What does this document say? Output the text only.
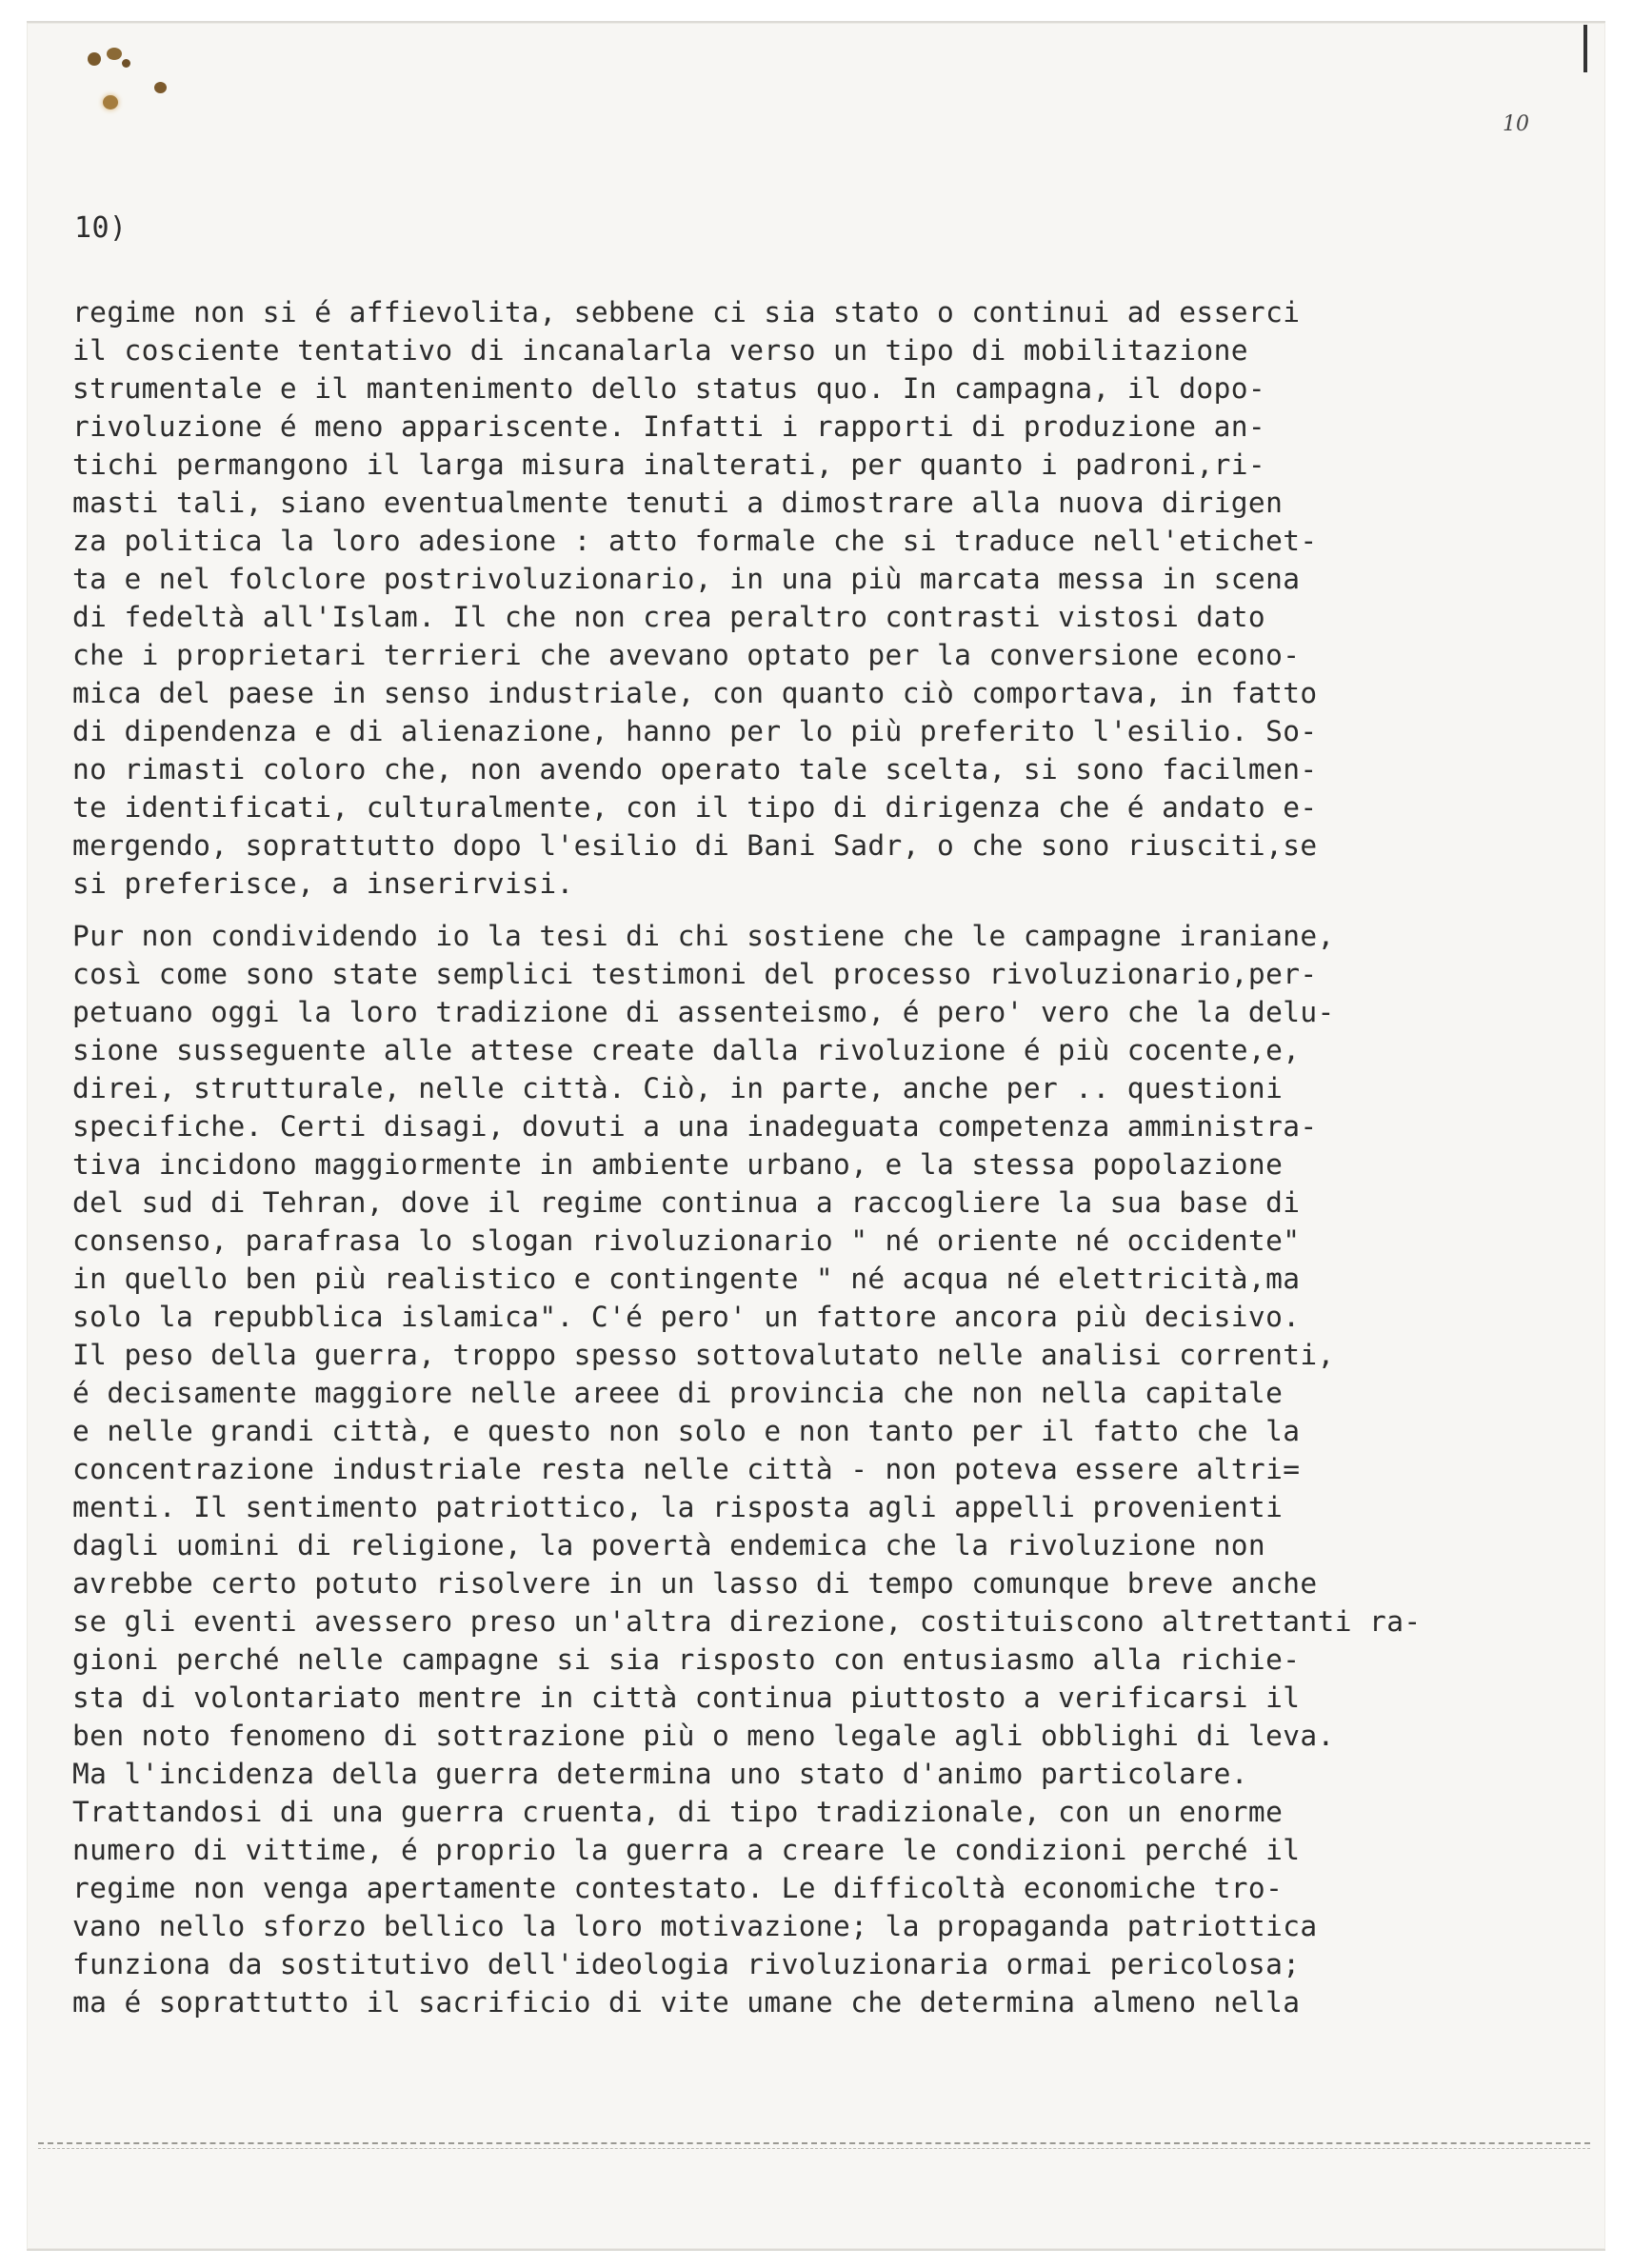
10
10)
regime non si é affievolita, sebbene ci sia stato o continui ad esserci
il cosciente tentativo di incanalarla verso un tipo di mobilitazione
strumentale e il mantenimento dello status quo. In campagna, il dopo-
rivoluzione é meno appariscente. Infatti i rapporti di produzione an-
tichi permangono il larga misura inalterati, per quanto i padroni,ri-
masti tali, siano eventualmente tenuti a dimostrare alla nuova dirigen
za politica la loro adesione : atto formale che si traduce nell'etichet-
ta e nel folclore postrivoluzionario, in una più marcata messa in scena
di fedeltà all'Islam. Il che non crea peraltro contrasti vistosi dato
che i proprietari terrieri che avevano optato per la conversione econo-
mica del paese in senso industriale, con quanto ciò comportava, in fatto
di dipendenza e di alienazione, hanno per lo più preferito l'esilio. So-
no rimasti coloro che, non avendo operato tale scelta, si sono facilmen-
te identificati, culturalmente, con il tipo di dirigenza che é andato e-
mergendo, soprattutto dopo l'esilio di Bani Sadr, o che sono riusciti,se
si preferisce, a inserirvisi.
Pur non condividendo io la tesi di chi sostiene che le campagne iraniane,
così come sono state semplici testimoni del processo rivoluzionario,per-
petuano oggi la loro tradizione di assenteismo, é pero' vero che la delu-
sione susseguente alle attese create dalla rivoluzione é più cocente,e,
direi, strutturale, nelle città. Ciò, in parte, anche per .. questioni
specifiche. Certi disagi, dovuti a una inadeguata competenza amministra-
tiva incidono maggiormente in ambiente urbano, e la stessa popolazione
del sud di Tehran, dove il regime continua a raccogliere la sua base di
consenso, parafrasa lo slogan rivoluzionario " né oriente né occidente"
in quello ben più realistico e contingente " né acqua né elettricità,ma
solo la repubblica islamica". C'é pero' un fattore ancora più decisivo.
Il peso della guerra, troppo spesso sottovalutato nelle analisi correnti,
é decisamente maggiore nelle areee di provincia che non nella capitale
e nelle grandi città, e questo non solo e non tanto per il fatto che la
concentrazione industriale resta nelle città - non poteva essere altri=
menti. Il sentimento patriottico, la risposta agli appelli provenienti
dagli uomini di religione, la povertà endemica che la rivoluzione non
avrebbe certo potuto risolvere in un lasso di tempo comunque breve anche
se gli eventi avessero preso un'altra direzione, costituiscono altrettanti ra-
gioni perché nelle campagne si sia risposto con entusiasmo alla richie-
sta di volontariato mentre in città continua piuttosto a verificarsi il
ben noto fenomeno di sottrazione più o meno legale agli obblighi di leva.
Ma l'incidenza della guerra determina uno stato d'animo particolare.
Trattandosi di una guerra cruenta, di tipo tradizionale, con un enorme
numero di vittime, é proprio la guerra a creare le condizioni perché il
regime non venga apertamente contestato. Le difficoltà economiche tro-
vano nello sforzo bellico la loro motivazione; la propaganda patriottica
funziona da sostitutivo dell'ideologia rivoluzionaria ormai pericolosa;
ma é soprattutto il sacrificio di vite umane che determina almeno nella
